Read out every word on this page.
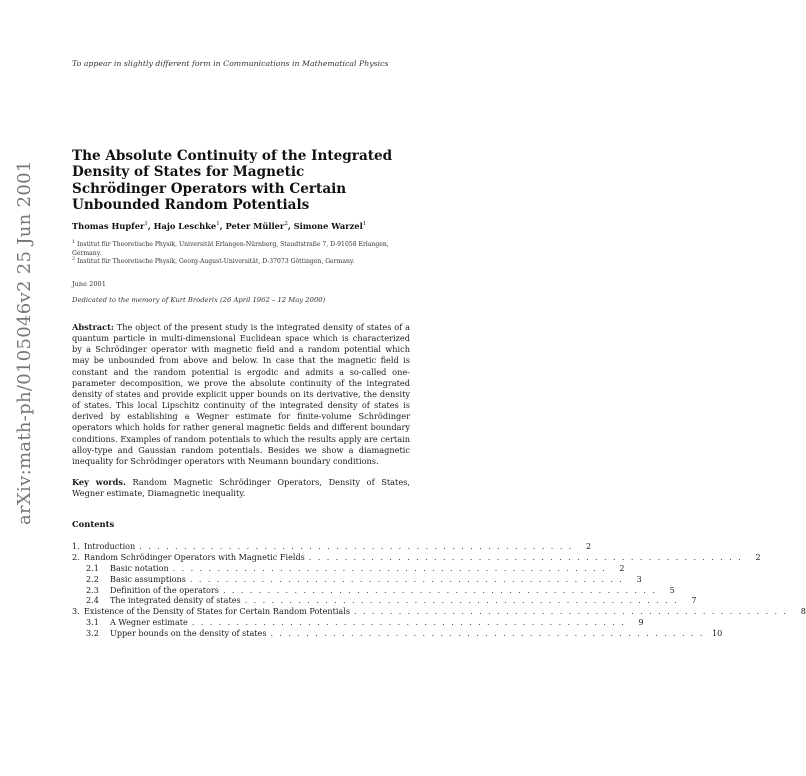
arXiv:math-ph/0105046v2 25 Jun 2001
To appear in slightly different form in Communications in Mathematical Physics
The Absolute Continuity of the Integrated Density of States for Magnetic Schrödinger Operators with Certain Unbounded Random Potentials
Thomas Hupfer$^1$, Hajo Leschke$^1$, Peter Müller$^2$, Simone Warzel$^1$
$^1$ Institut für Theoretische Physik, Universität Erlangen-Nürnberg, Staudtstraße 7, D-91058 Erlangen, Germany.
$^2$ Institut für Theoretische Physik, Georg-August-Universität, D-37073 Göttingen, Germany.
June 2001
Dedicated to the memory of Kurt Broderix (26 April 1962 – 12 May 2000)
Abstract: The object of the present study is the integrated density of states of a quantum particle in multi-dimensional Euclidean space which is characterized by a Schrödinger operator with magnetic field and a random potential which may be unbounded from above and below. In case that the magnetic field is constant and the random potential is ergodic and admits a so-called one-parameter decomposition, we prove the absolute continuity of the integrated density of states and provide explicit upper bounds on its derivative, the density of states. This local Lipschitz continuity of the integrated density of states is derived by establishing a Wegner estimate for finite-volume Schrödinger operators which holds for rather general magnetic fields and different boundary conditions. Examples of random potentials to which the results apply are certain alloy-type and Gaussian random potentials. Besides we show a diamagnetic inequality for Schrödinger operators with Neumann boundary conditions.
Key words. Random Magnetic Schrödinger Operators, Density of States, Wegner estimate, Diamagnetic inequality.
Contents
1. Introduction . . . . . . . . . . . . . . . . . . . . . . . . . . . . . . . . . . . . . . . . . . . . . . . . .	2
2. Random Schrödinger Operators with Magnetic Fields . . . . . . . . . . . . . . . . . . . . . . . . . . . . . . . . . . . . . . . . . . . . . . . . .	2
2.1	Basic notation . . . . . . . . . . . . . . . . . . . . . . . . . . . . . . . . . . . . . . . . . . . . . . . . .	2
2.2	Basic assumptions . . . . . . . . . . . . . . . . . . . . . . . . . . . . . . . . . . . . . . . . . . . . . . . . .	3
2.3	Definition of the operators . . . . . . . . . . . . . . . . . . . . . . . . . . . . . . . . . . . . . . . . . . . . . . . . .	5
2.4	The integrated density of states . . . . . . . . . . . . . . . . . . . . . . . . . . . . . . . . . . . . . . . . . . . . . . . . .	7
3. Existence of the Density of States for Certain Random Potentials . . . . . . . . . . . . . . . . . . . . . . . . . . . . . . . . . . . . . . . . . . . . . . . . .	8
3.1	A Wegner estimate . . . . . . . . . . . . . . . . . . . . . . . . . . . . . . . . . . . . . . . . . . . . . . . . .	9
3.2	Upper bounds on the density of states . . . . . . . . . . . . . . . . . . . . . . . . . . . . . . . . . . . . . . . . . . . . . . . . . 10
